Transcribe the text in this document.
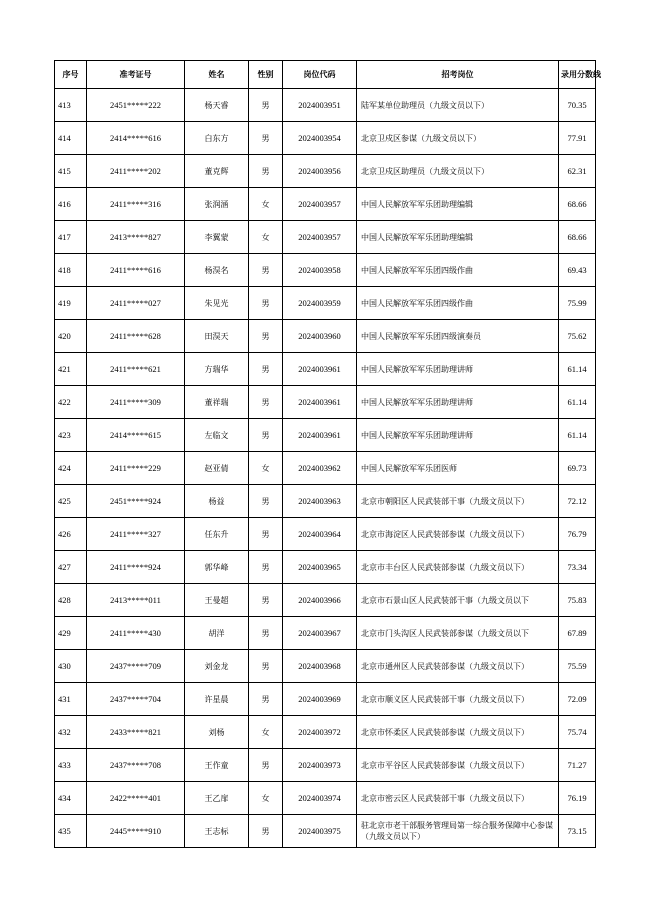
序号	准考证号	姓名	性别	岗位代码	招考岗位	录用分数线
413	2451*****222	杨天睿	男	2024003951	陆军某单位助理员（九级文员以下）	70.35
414	2414*****616	白东方	男	2024003954	北京卫戍区参谋（九级文员以下）	77.91
415	2411*****202	董克辉	男	2024003956	北京卫戍区助理员（九级文员以下）	62.31
416	2411*****316	张润涵	女	2024003957	中国人民解放军军乐团助理编辑	68.66
417	2413*****827	李翼蒙	女	2024003957	中国人民解放军军乐团助理编辑	68.66
418	2411*****616	杨淏名	男	2024003958	中国人民解放军军乐团四级作曲	69.43
419	2411*****027	朱见光	男	2024003959	中国人民解放军军乐团四级作曲	75.99
420	2411*****628	田淏天	男	2024003960	中国人民解放军军乐团四级演奏员	75.62
421	2411*****621	方瑞华	男	2024003961	中国人民解放军军乐团助理讲师	61.14
422	2411*****309	董祥瑞	男	2024003961	中国人民解放军军乐团助理讲师	61.14
423	2414*****615	左临文	男	2024003961	中国人民解放军军乐团助理讲师	61.14
424	2411*****229	赵亚倩	女	2024003962	中国人民解放军军乐团医师	69.73
425	2451*****924	杨益	男	2024003963	北京市朝阳区人民武装部干事（九级文员以下）	72.12
426	2411*****327	任东升	男	2024003964	北京市海淀区人民武装部参谋（九级文员以下）	76.79
427	2411*****924	郭华峰	男	2024003965	北京市丰台区人民武装部参谋（九级文员以下）	73.34
428	2413*****011	王曼超	男	2024003966	北京市石景山区人民武装部干事（九级文员以下	75.83
429	2411*****430	胡洋	男	2024003967	北京市门头沟区人民武装部参谋（九级文员以下	67.89
430	2437*****709	刘金龙	男	2024003968	北京市通州区人民武装部参谋（九级文员以下）	75.59
431	2437*****704	许星晨	男	2024003969	北京市顺义区人民武装部干事（九级文员以下）	72.09
432	2433*****821	刘杨	女	2024003972	北京市怀柔区人民武装部参谋（九级文员以下）	75.74
433	2437*****708	王作童	男	2024003973	北京市平谷区人民武装部参谋（九级文员以下）	71.27
434	2422*****401	王乙扉	女	2024003974	北京市密云区人民武装部干事（九级文员以下）	76.19
435	2445*****910	王志标	男	2024003975	驻北京市老干部服务管理局第一综合服务保障中心参谋（九级文员以下）	73.15
